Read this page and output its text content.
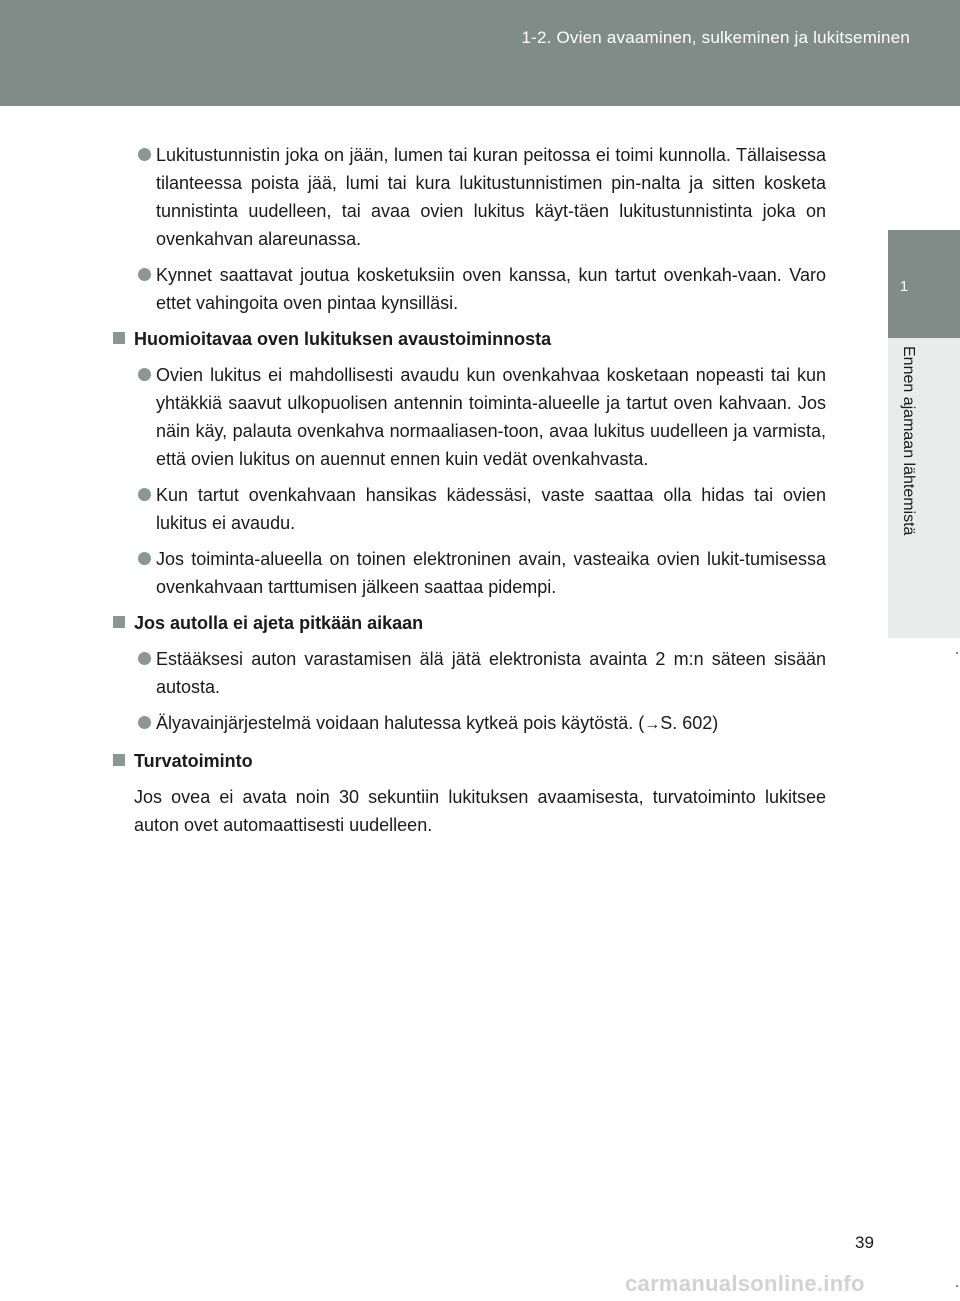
1-2. Ovien avaaminen, sulkeminen ja lukitseminen
1
Ennen ajamaan lähtemistä
Lukitustunnistin joka on jään, lumen tai kuran peitossa ei toimi kunnolla. Tällaisessa tilanteessa poista jää, lumi tai kura lukitustunnistimen pin-nalta ja sitten kosketa tunnistinta uudelleen, tai avaa ovien lukitus käyt-täen lukitustunnistinta joka on ovenkahvan alareunassa.
Kynnet saattavat joutua kosketuksiin oven kanssa, kun tartut ovenkah-vaan. Varo ettet vahingoita oven pintaa kynsilläsi.
Huomioitavaa oven lukituksen avaustoiminnosta
Ovien lukitus ei mahdollisesti avaudu kun ovenkahvaa kosketaan nopeasti tai kun yhtäkkiä saavut ulkopuolisen antennin toiminta-alueelle ja tartut oven kahvaan. Jos näin käy, palauta ovenkahva normaaliasen-toon, avaa lukitus uudelleen ja varmista, että ovien lukitus on auennut ennen kuin vedät ovenkahvasta.
Kun tartut ovenkahvaan hansikas kädessäsi, vaste saattaa olla hidas tai ovien lukitus ei avaudu.
Jos toiminta-alueella on toinen elektroninen avain, vasteaika ovien lukit-tumisessa ovenkahvaan tarttumisen jälkeen saattaa pidempi.
Jos autolla ei ajeta pitkään aikaan
Estääksesi auton varastamisen älä jätä elektronista avainta 2 m:n säteen sisään autosta.
Älyavainjärjestelmä voidaan halutessa kytkeä pois käytöstä. (→S. 602)
Turvatoiminto
Jos ovea ei avata noin 30 sekuntiin lukituksen avaamisesta, turvatoiminto lukitsee auton ovet automaattisesti uudelleen.
39
carmanualsonline.info
